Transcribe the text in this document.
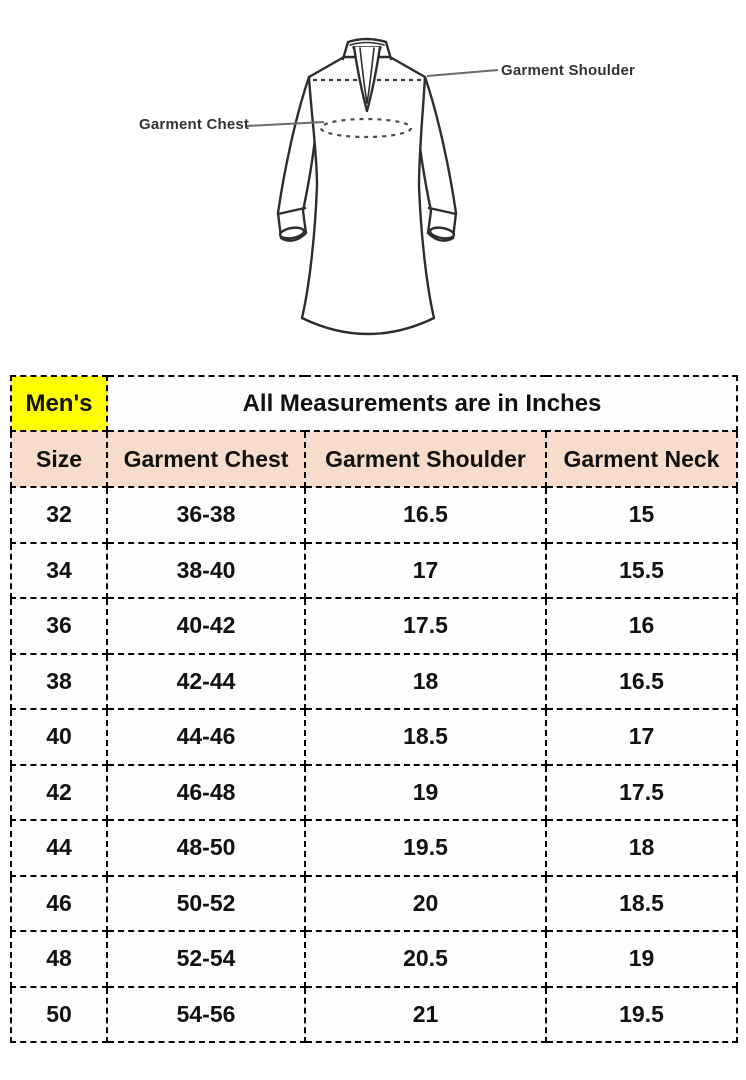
Garment Chest
Garment Shoulder
Men's	All Measurements are in Inches		
Size	Garment Chest	Garment Shoulder	Garment Neck
32	36-38	16.5	15
34	38-40	17	15.5
36	40-42	17.5	16
38	42-44	18	16.5
40	44-46	18.5	17
42	46-48	19	17.5
44	48-50	19.5	18
46	50-52	20	18.5
48	52-54	20.5	19
50	54-56	21	19.5
